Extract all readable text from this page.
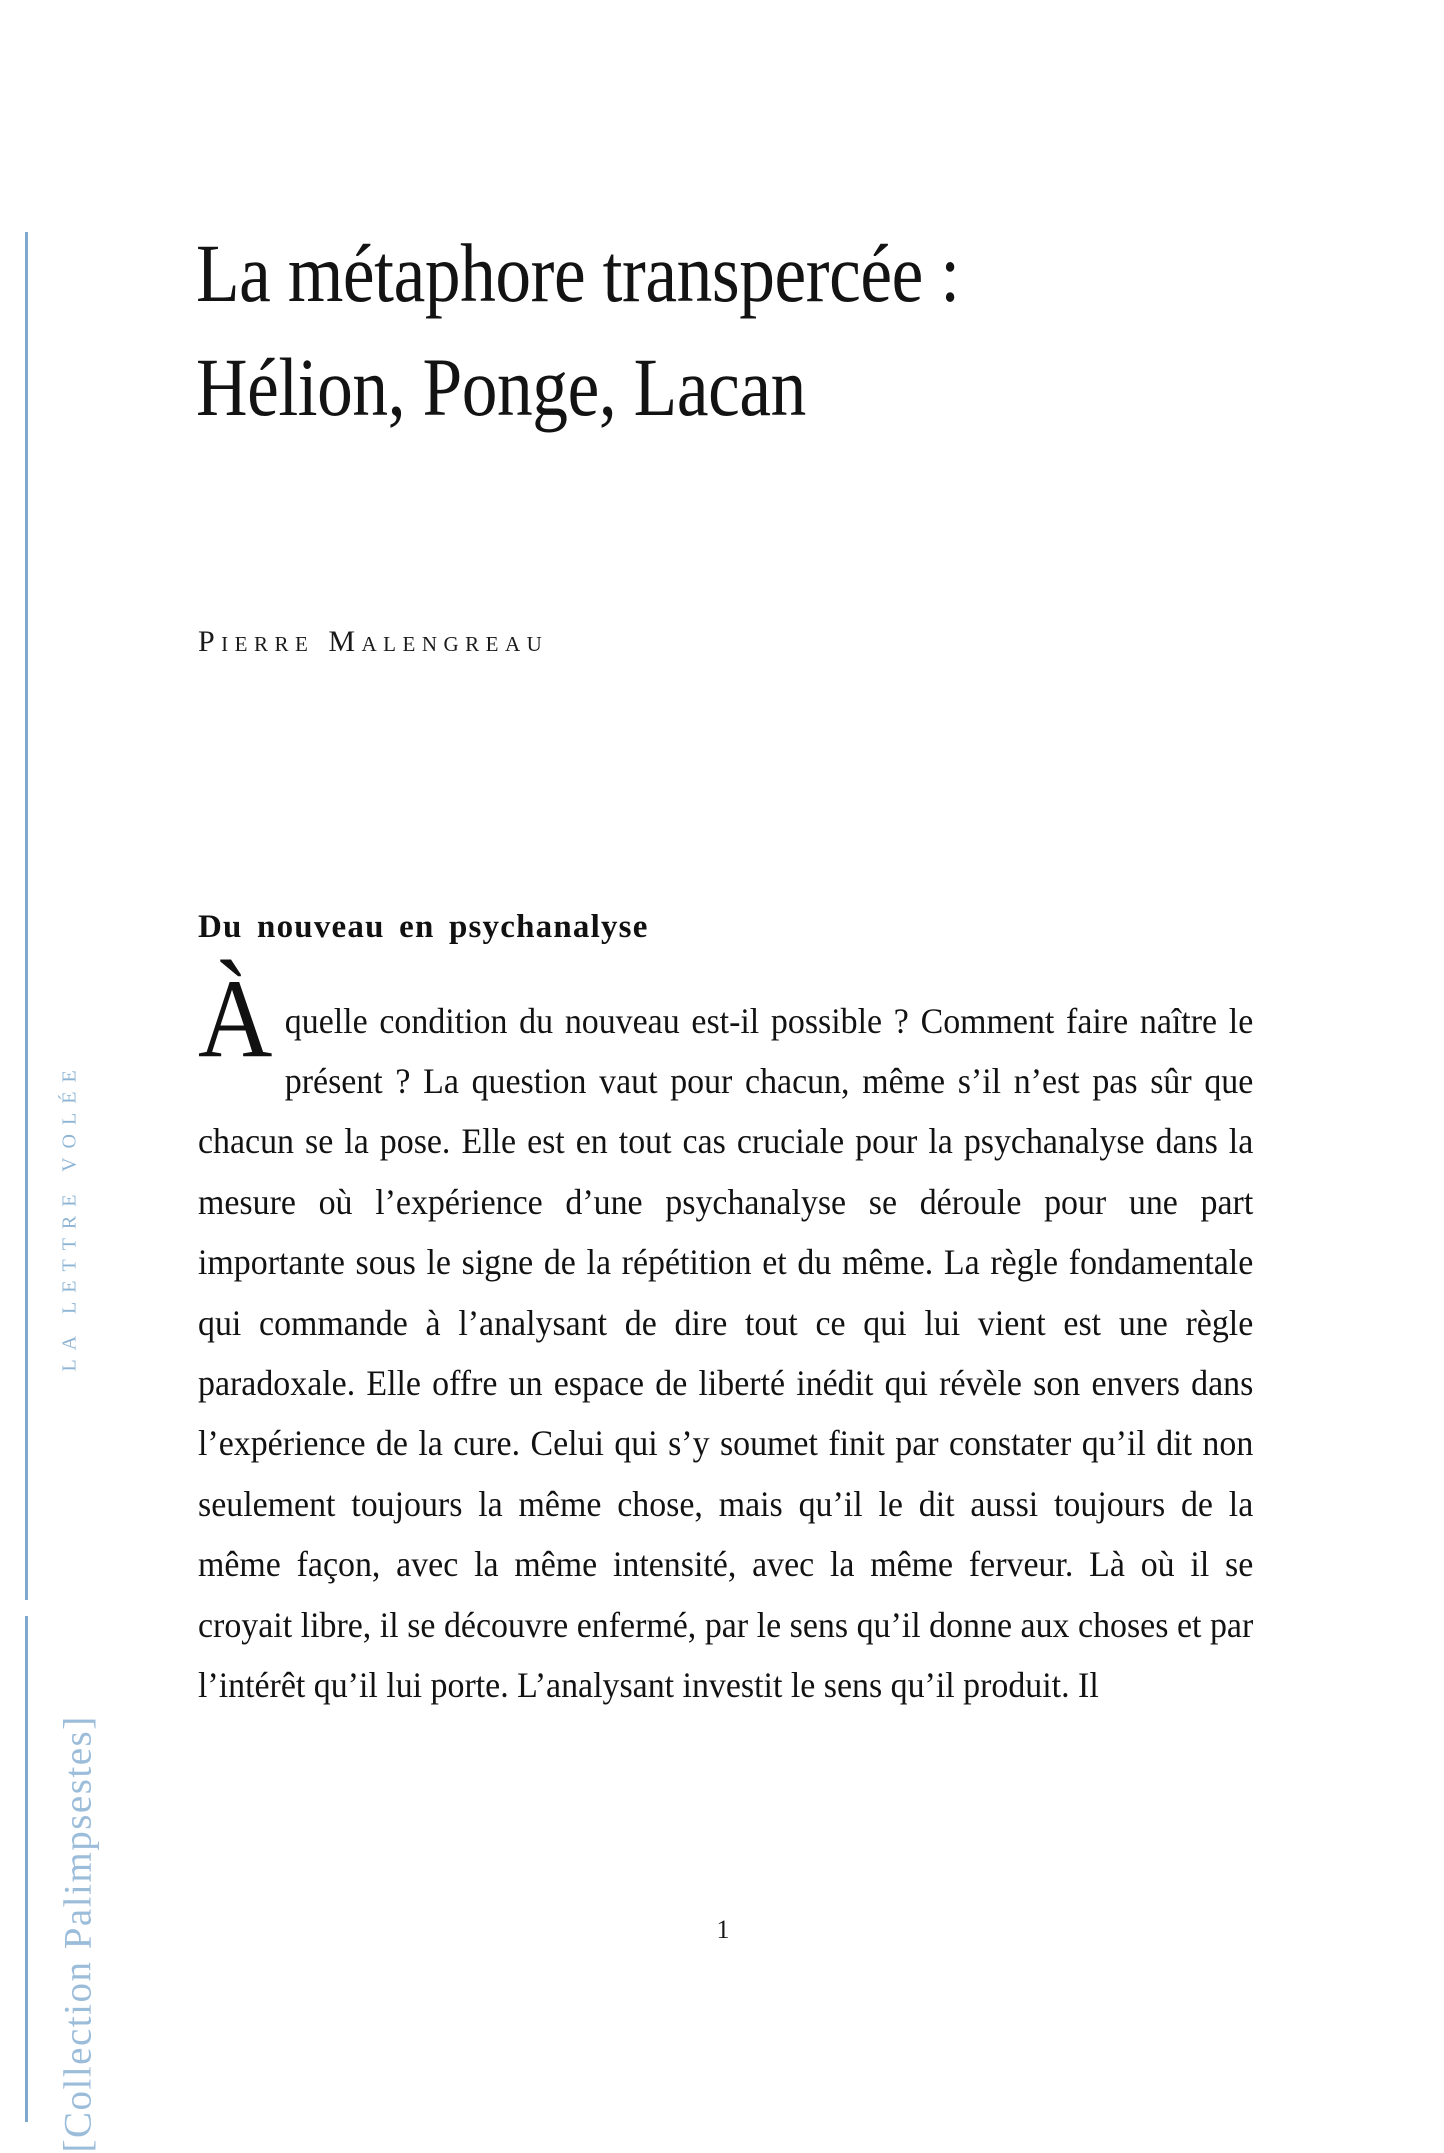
LA LETTRE VOLÉE
[Collection Palimpsestes]
La métaphore transpercée :
Hélion, Ponge, Lacan
Pierre Malengreau
Du nouveau en psychanalyse
À quelle condition du nouveau est-il possible ? Comment faire naître le présent ? La question vaut pour chacun, même s’il n’est pas sûr que chacun se la pose. Elle est en tout cas cruciale pour la psychanalyse dans la mesure où l’expérience d’une psychanalyse se déroule pour une part importante sous le signe de la répétition et du même. La règle fondamentale qui commande à l’analysant de dire tout ce qui lui vient est une règle paradoxale. Elle offre un espace de liberté inédit qui révèle son envers dans l’expérience de la cure. Celui qui s’y soumet finit par constater qu’il dit non seulement toujours la même chose, mais qu’il le dit aussi toujours de la même façon, avec la même intensité, avec la même ferveur. Là où il se croyait libre, il se découvre enfermé, par le sens qu’il donne aux choses et par l’intérêt qu’il lui porte. L’analysant investit le sens qu’il produit. Il

1
